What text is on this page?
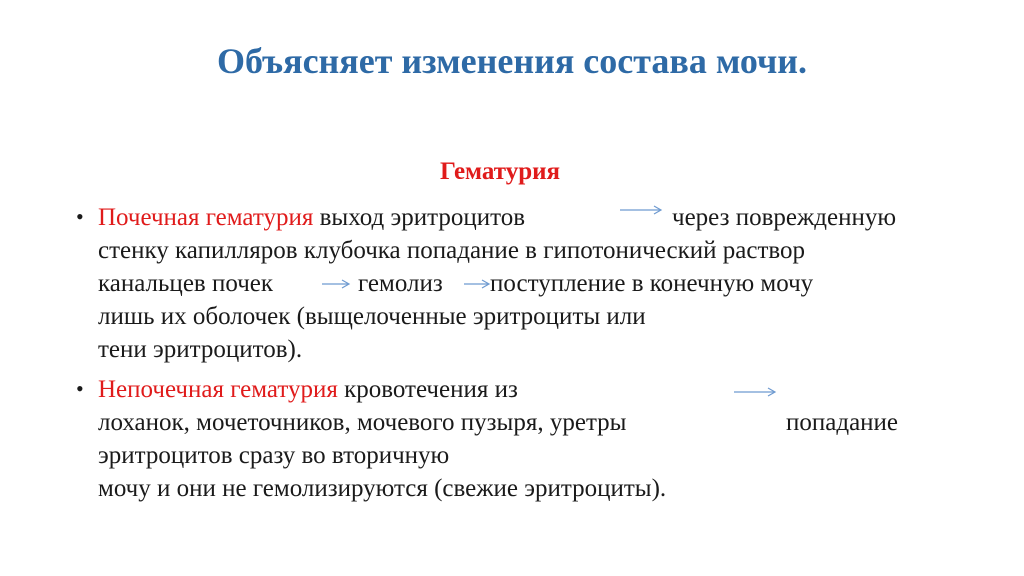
Объясняет изменения состава мочи.
Гематурия
• Почечная гематурия выход эритроцитов	через поврежденную
стенку капилляров клубочка попадание в гипотонический раствор
канальцев почек	гемолиз поступление в конечную мочу
лишь их оболочек (выщелоченные эритроциты или
тени эритроцитов).
• Непочечная гематурия кровотечения из
лоханок, мочеточников, мочевого пузыря, уретры	попадание
эритроцитов сразу во вторичную
мочу и они не гемолизируются (свежие эритроциты).
